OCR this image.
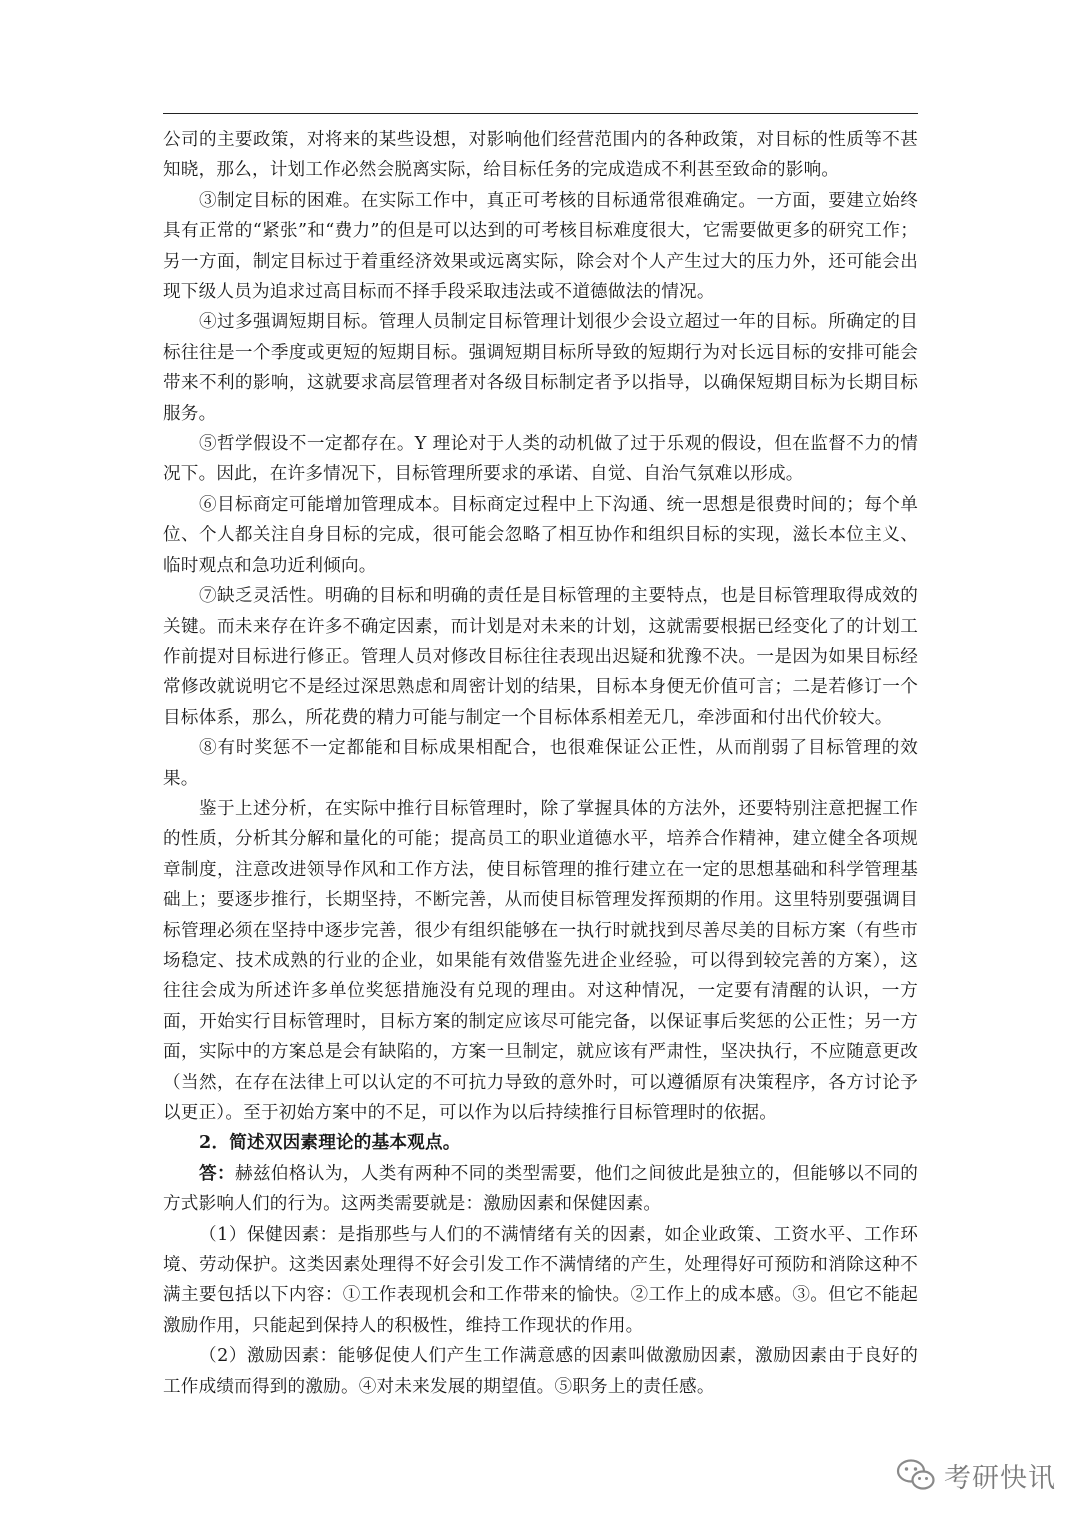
公司的主要政策，对将来的某些设想，对影响他们经营范围内的各种政策，对目标的性质等不甚知晓，那么，计划工作必然会脱离实际，给目标任务的完成造成不利甚至致命的影响。

③制定目标的困难。在实际工作中，真正可考核的目标通常很难确定。一方面，要建立始终具有正常的“紧张”和“费力”的但是可以达到的可考核目标难度很大，它需要做更多的研究工作；另一方面，制定目标过于着重经济效果或远离实际，除会对个人产生过大的压力外，还可能会出现下级人员为追求过高目标而不择手段采取违法或不道德做法的情况。

④过多强调短期目标。管理人员制定目标管理计划很少会设立超过一年的目标。所确定的目标往往是一个季度或更短的短期目标。强调短期目标所导致的短期行为对长远目标的安排可能会带来不利的影响，这就要求高层管理者对各级目标制定者予以指导，以确保短期目标为长期目标服务。

⑤哲学假设不一定都存在。Y 理论对于人类的动机做了过于乐观的假设，但在监督不力的情况下。因此，在许多情况下，目标管理所要求的承诺、自觉、自治气氛难以形成。

⑥目标商定可能增加管理成本。目标商定过程中上下沟通、统一思想是很费时间的；每个单位、个人都关注自身目标的完成，很可能会忽略了相互协作和组织目标的实现，滋长本位主义、临时观点和急功近利倾向。

⑦缺乏灵活性。明确的目标和明确的责任是目标管理的主要特点，也是目标管理取得成效的关键。而未来存在许多不确定因素，而计划是对未来的计划，这就需要根据已经变化了的计划工作前提对目标进行修正。管理人员对修改目标往往表现出迟疑和犹豫不决。一是因为如果目标经常修改就说明它不是经过深思熟虑和周密计划的结果，目标本身便无价值可言；二是若修订一个目标体系，那么，所花费的精力可能与制定一个目标体系相差无几，牵涉面和付出代价较大。

⑧有时奖惩不一定都能和目标成果相配合，也很难保证公正性，从而削弱了目标管理的效果。

鉴于上述分析，在实际中推行目标管理时，除了掌握具体的方法外，还要特别注意把握工作的性质，分析其分解和量化的可能；提高员工的职业道德水平，培养合作精神，建立健全各项规章制度，注意改进领导作风和工作方法，使目标管理的推行建立在一定的思想基础和科学管理基础上；要逐步推行，长期坚持，不断完善，从而使目标管理发挥预期的作用。这里特别要强调目标管理必须在坚持中逐步完善，很少有组织能够在一执行时就找到尽善尽美的目标方案（有些市场稳定、技术成熟的行业的企业，如果能有效借鉴先进企业经验，可以得到较完善的方案），这往往会成为所述许多单位奖惩措施没有兑现的理由。对这种情况，一定要有清醒的认识，一方面，开始实行目标管理时，目标方案的制定应该尽可能完备，以保证事后奖惩的公正性；另一方面，实际中的方案总是会有缺陷的，方案一旦制定，就应该有严肃性，坚决执行，不应随意更改（当然，在存在法律上可以认定的不可抗力导致的意外时，可以遵循原有决策程序，各方讨论予以更正）。至于初始方案中的不足，可以作为以后持续推行目标管理时的依据。

2．简述双因素理论的基本观点。

答：赫兹伯格认为，人类有两种不同的类型需要，他们之间彼此是独立的，但能够以不同的方式影响人们的行为。这两类需要就是：激励因素和保健因素。

（1）保健因素：是指那些与人们的不满情绪有关的因素，如企业政策、工资水平、工作环境、劳动保护。这类因素处理得不好会引发工作不满情绪的产生，处理得好可预防和消除这种不满主要包括以下内容：①工作表现机会和工作带来的愉快。②工作上的成本感。③。但它不能起激励作用，只能起到保持人的积极性，维持工作现状的作用。

（2）激励因素：能够促使人们产生工作满意感的因素叫做激励因素，激励因素由于良好的工作成绩而得到的激励。④对未来发展的期望值。⑤职务上的责任感。

考研快讯
